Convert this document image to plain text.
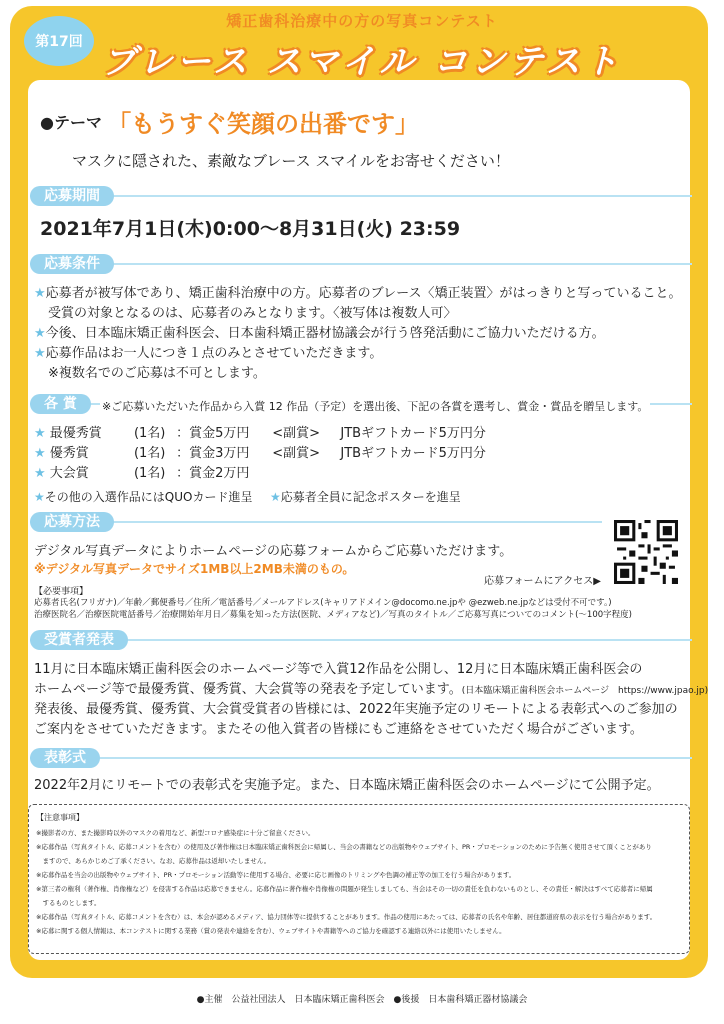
第17回
矯正歯科治療中の方の写真コンテスト
ブレース スマイル コンテスト
●テーマ 「もうすぐ笑顔の出番です」
マスクに隠された、素敵なブレース スマイルをお寄せください！
応募期間
2021年7月1日(木)0:00〜8月31日(火) 23:59
応募条件
★応募者が被写体であり、矯正歯科治療中の方。応募者のブレース〈矯正装置〉がはっきりと写っていること。
受賞の対象となるのは、応募者のみとなります。〈被写体は複数人可〉
★今後、日本臨床矯正歯科医会、日本歯科矯正器材協議会が行う啓発活動にご協力いただける方。
★応募作品はお一人につき１点のみとさせていただきます。
※複数名でのご応募は不可とします。
各 賞	※ご応募いただいた作品から入賞 12 作品（予定）を選出後、下記の各賞を選考し、賞金・賞品を贈呈します。
★ 最優秀賞 (1名) ：賞金5万円 <副賞> JTBギフトカード5万円分
★ 優秀賞	(1名) ：賞金3万円 <副賞> JTBギフトカード5万円分
★ 大会賞	(1名) ：賞金2万円
★その他の入選作品にはQUOカード進呈 ★応募者全員に記念ポスターを進呈
応募方法
デジタル写真データによりホームページの応募フォームからご応募いただけます。
※デジタル写真データでサイズ1MB以上2MB未満のもの。
応募フォームにアクセス▶
【必要事項】
応募者氏名(フリガナ)／年齢／郵便番号／住所／電話番号／メールアドレス(キャリアドメイン@docomo.ne.jpや @ezweb.ne.jpなどは受付不可です。)
治療医院名／治療医院電話番号／治療開始年月日／募集を知った方法(医院、メディアなど)／写真のタイトル／ご応募写真についてのコメント(〜100字程度)
受賞者発表
11月に日本臨床矯正歯科医会のホームページ等で入賞12作品を公開し、12月に日本臨床矯正歯科医会の
ホームページ等で最優秀賞、優秀賞、大会賞等の発表を予定しています。(日本臨床矯正歯科医会ホームページ　https://www.jpao.jp)
発表後、最優秀賞、優秀賞、大会賞受賞者の皆様には、2022年実施予定のリモートによる表彰式へのご参加の
ご案内をさせていただきます。またその他入賞者の皆様にもご連絡をさせていただく場合がございます。
表彰式
2022年2月にリモートでの表彰式を実施予定。また、日本臨床矯正歯科医会のホームページにて公開予定。
【注意事項】
※撮影者の方、また撮影時以外のマスクの着用など、新型コロナ感染症に十分ご留意ください。
※応募作品（写真タイトル、応募コメントを含む）の使用及び著作権は日本臨床矯正歯科医会に帰属し、当会の書籍などの出版物やウェブサイト、PR・プロモーションのために予告無く使用させて頂くことがあり
　ますので、あらかじめご了承ください。なお、応募作品は返却いたしません。
※応募作品を当会の出版物やウェブサイト、PR・プロモーション活動等に使用する場合、必要に応じ画像のトリミングや色調の補正等の加工を行う場合があります。
※第三者の権利（著作権、肖像権など）を侵害する作品は応募できません。応募作品に著作権や肖像権の問題が発生しましても、当会はその一切の責任を負わないものとし、その責任・解決はすべて応募者に帰属
　するものとします。
※応募作品（写真タイトル、応募コメントを含む）は、本会が認めるメディア、協力団体等に提供することがあります。作品の使用にあたっては、応募者の氏名や年齢、居住都道府県の表示を行う場合があります。
※応募に関する個人情報は、本コンテストに関する業務（賞の発表や連絡を含む）、ウェブサイトや書籍等へのご協力を確認する連絡以外には使用いたしません。
●主催　公益社団法人　日本臨床矯正歯科医会　●後援　日本歯科矯正器材協議会
